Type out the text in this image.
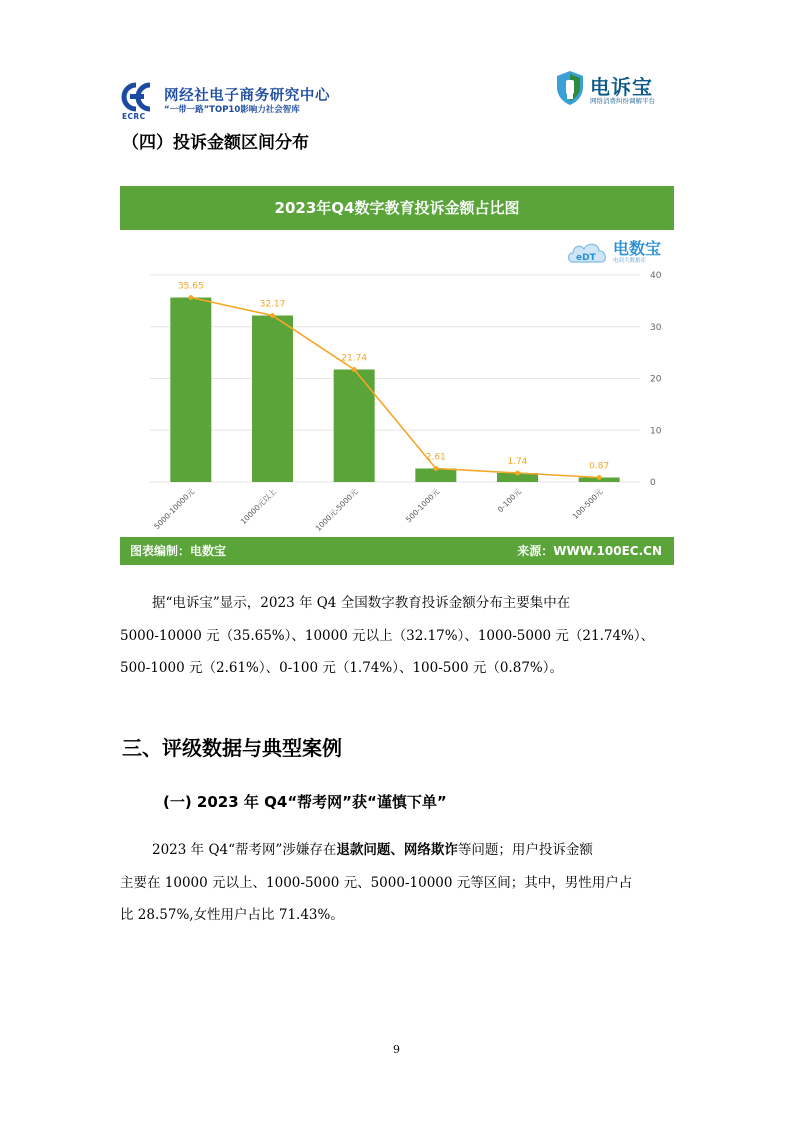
ECRC
网经社电子商务研究中心
“一带一路”TOP10影响力社会智库
电诉宝
网络消费纠纷调解平台
（四）投诉金额区间分布
2023年Q4数字教育投诉金额占比图
eDT 电数宝
电商大数据库
0
10
20
30
40
5000-10000元	10000元以上	1000元-5000元	500-1000元	0-100元	100-500元
35.65
32.17
21.74
2.61	1.74	0.87
图表编制：电数宝	来源：WWW.100EC.CN
据“电诉宝”显示，2023 年 Q4 全国数字教育投诉金额分布主要集中在
5000-10000 元（35.65%）、10000 元以上（32.17%）、1000-5000 元（21.74%）、
500-1000 元（2.61%）、0-100 元（1.74%）、100-500 元（0.87%）。
三、评级数据与典型案例
(一) 2023 年 Q4“帮考网”获“谨慎下单”
2023 年 Q4“帮考网”涉嫌存在退款问题、网络欺诈等问题；用户投诉金额
主要在 10000 元以上、1000-5000 元、5000-10000 元等区间；其中，男性用户占
比 28.57%,女性用户占比 71.43%。
9
